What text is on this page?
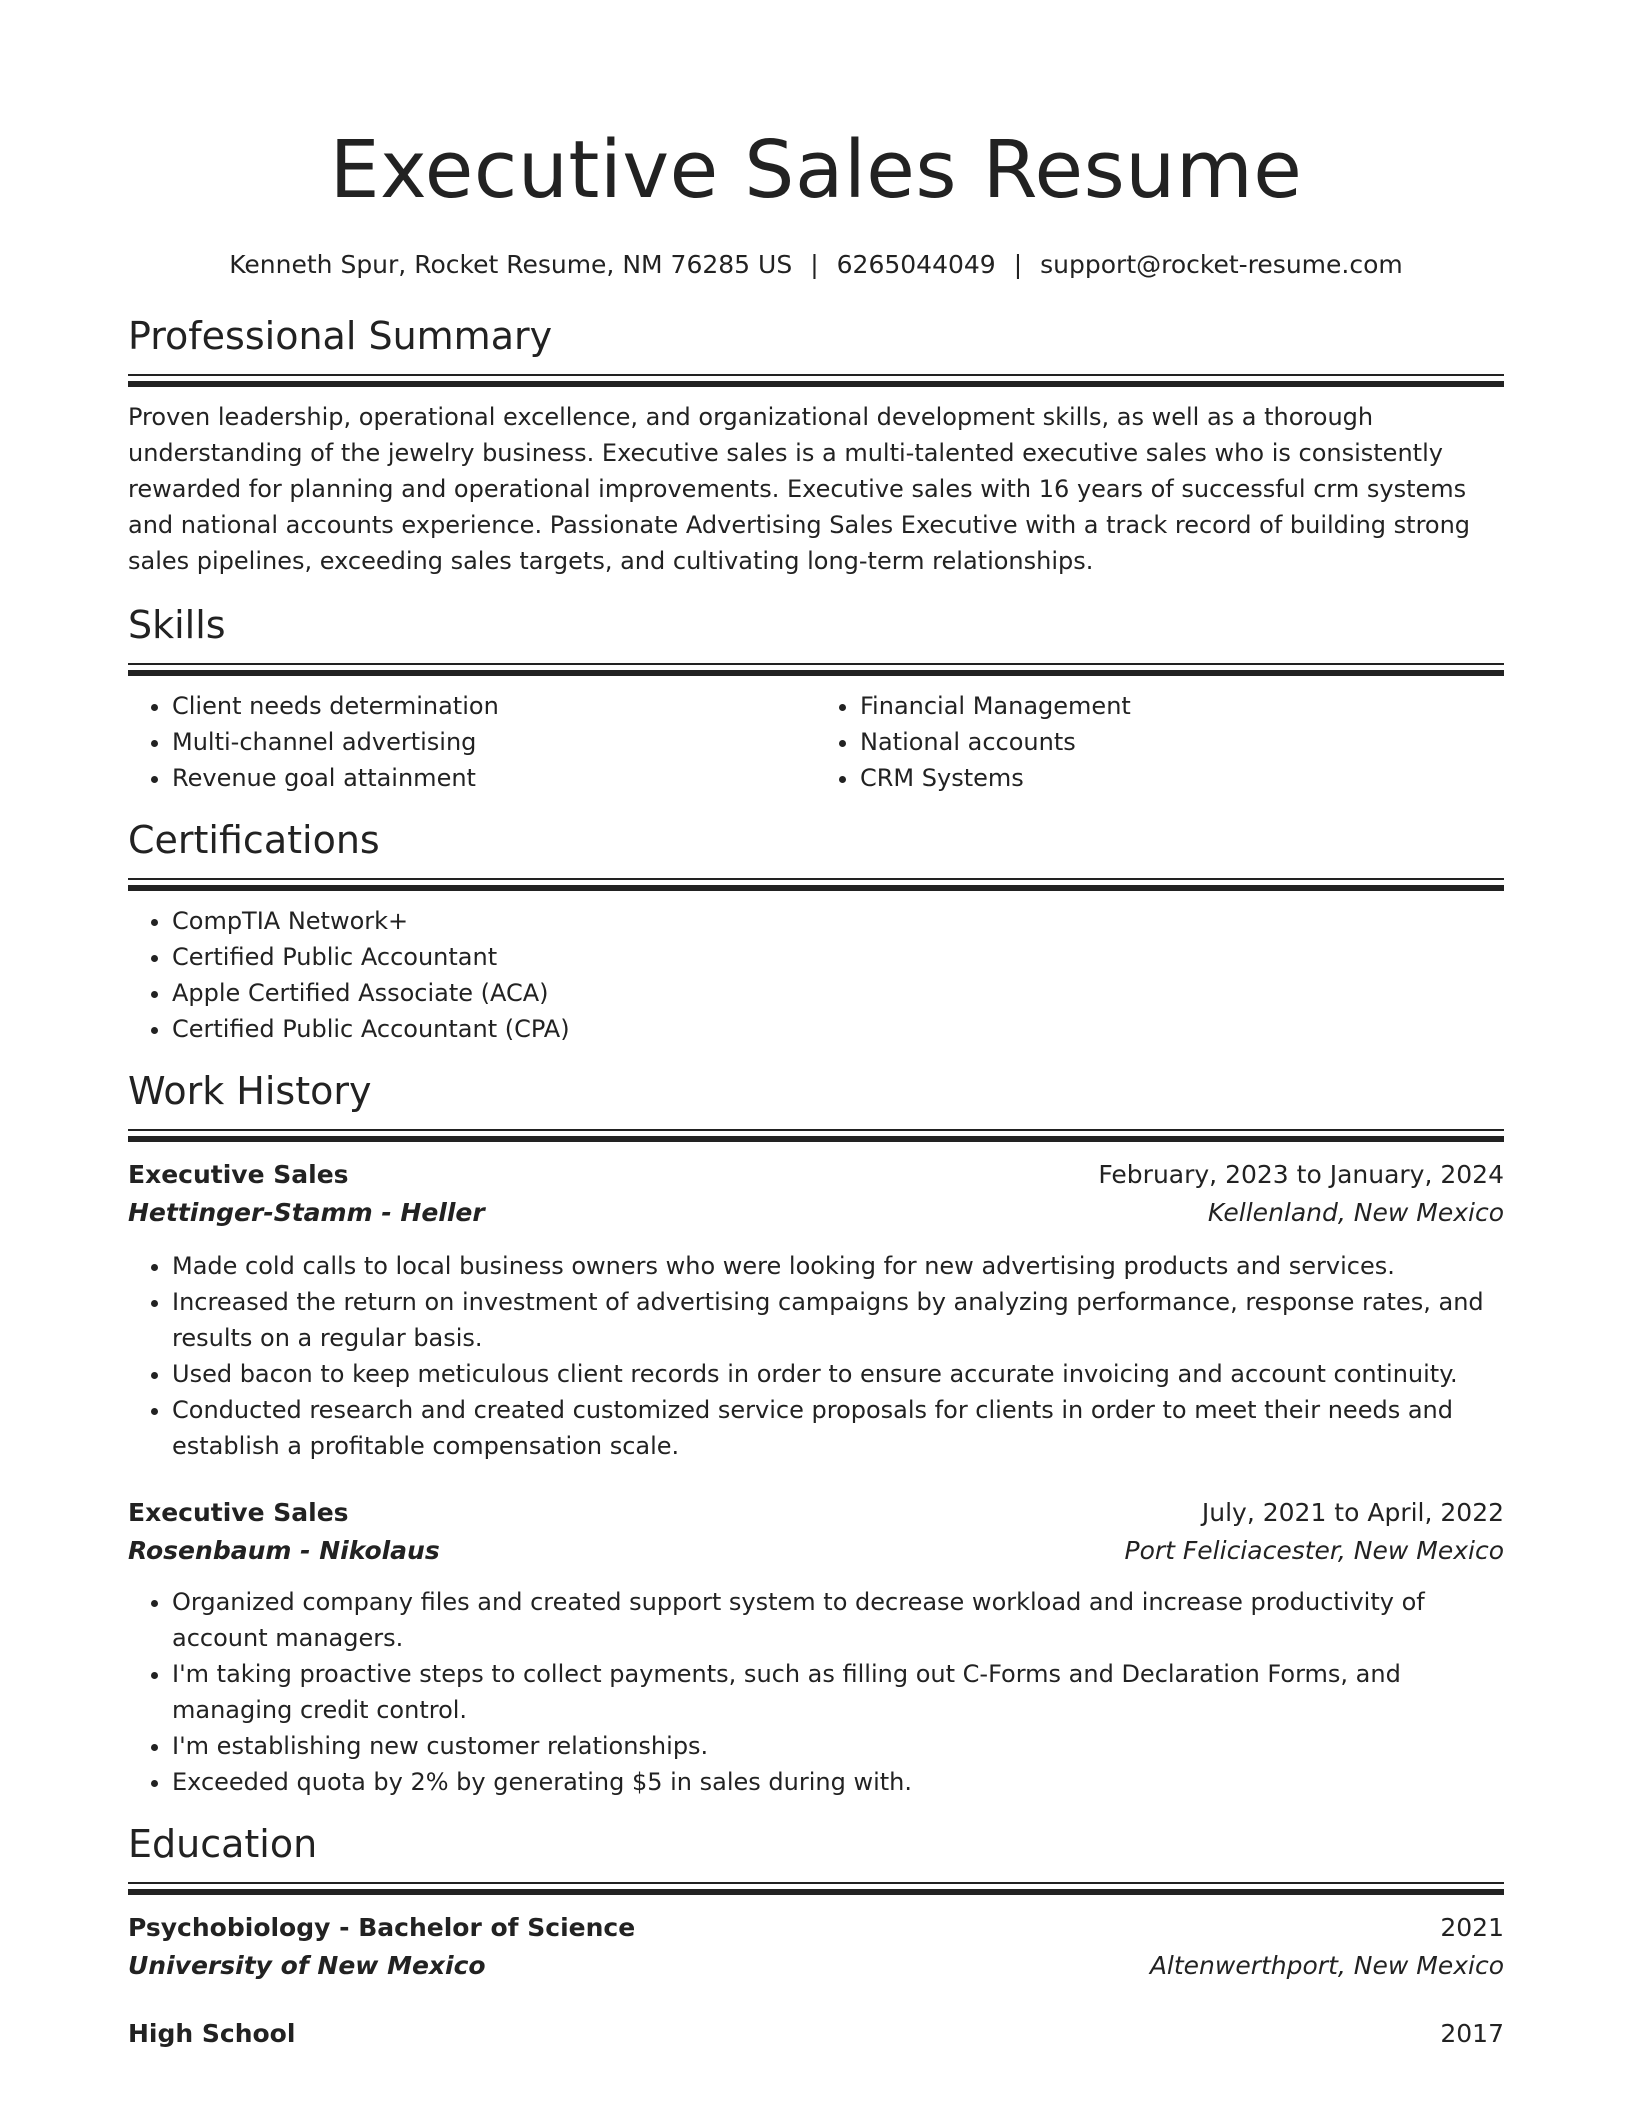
Executive Sales Resume
Kenneth Spur, Rocket Resume, NM 76285 US | 6265044049 | support@rocket-resume.com
Professional Summary

Proven leadership, operational excellence, and organizational development skills, as well as a thorough understanding of the jewelry business. Executive sales is a multi-talented executive sales who is consistently rewarded for planning and operational improvements. Executive sales with 16 years of successful crm systems and national accounts experience. Passionate Advertising Sales Executive with a track record of building strong sales pipelines, exceeding sales targets, and cultivating long-term relationships.

Skills
• Client needs determination
• Multi-channel advertising
• Revenue goal attainment
• Financial Management
• National accounts
• CRM Systems
Certifications
• CompTIA Network+
• Certified Public Accountant
• Apple Certified Associate (ACA)
• Certified Public Accountant (CPA)
Work History
Executive Sales	February, 2023 to January, 2024
Hettinger-Stamm - Heller	Kellenland, New Mexico
• Made cold calls to local business owners who were looking for new advertising products and services.
• Increased the return on investment of advertising campaigns by analyzing performance, response rates, and results on a regular basis.
• Used bacon to keep meticulous client records in order to ensure accurate invoicing and account continuity.
• Conducted research and created customized service proposals for clients in order to meet their needs and establish a profitable compensation scale.
Executive Sales	July, 2021 to April, 2022
Rosenbaum - Nikolaus	Port Feliciacester, New Mexico
• Organized company files and created support system to decrease workload and increase productivity of account managers.
• I'm taking proactive steps to collect payments, such as filling out C-Forms and Declaration Forms, and managing credit control.
• I'm establishing new customer relationships.
• Exceeded quota by 2% by generating $5 in sales during with.
Education
Psychobiology - Bachelor of Science	2021
University of New Mexico	Altenwerthport, New Mexico
High School	2017
